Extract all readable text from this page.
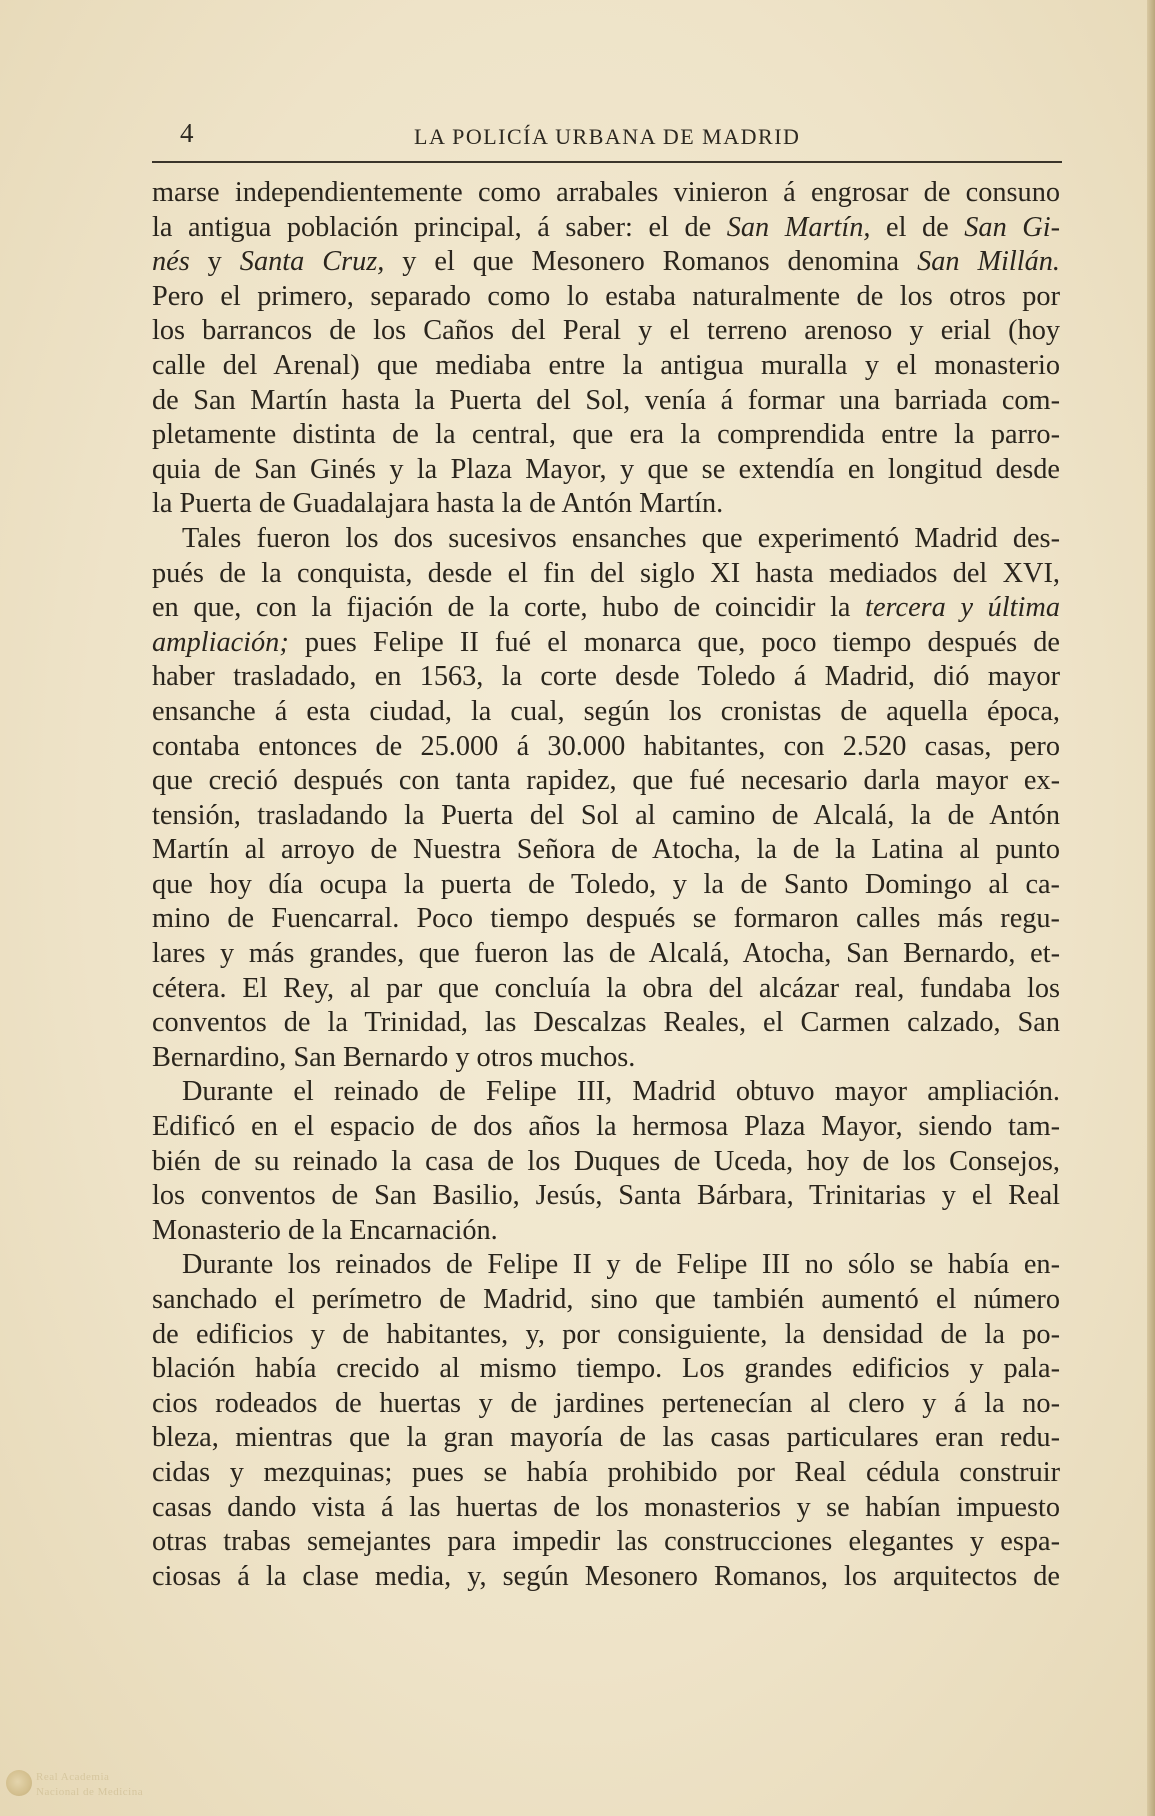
4	LA POLICÍA URBANA DE MADRID
marse independientemente como arrabales vinieron á engrosar de consuno
la antigua población principal, á saber: el de San Martín, el de San Gi-
nés y Santa Cruz, y el que Mesonero Romanos denomina San Millán.
Pero el primero, separado como lo estaba naturalmente de los otros por
los barrancos de los Caños del Peral y el terreno arenoso y erial (hoy
calle del Arenal) que mediaba entre la antigua muralla y el monasterio
de San Martín hasta la Puerta del Sol, venía á formar una barriada com-
pletamente distinta de la central, que era la comprendida entre la parro-
quia de San Ginés y la Plaza Mayor, y que se extendía en longitud desde
la Puerta de Guadalajara hasta la de Antón Martín.
Tales fueron los dos sucesivos ensanches que experimentó Madrid des-
pués de la conquista, desde el fin del siglo XI hasta mediados del XVI,
en que, con la fijación de la corte, hubo de coincidir la tercera y última
ampliación; pues Felipe II fué el monarca que, poco tiempo después de
haber trasladado, en 1563, la corte desde Toledo á Madrid, dió mayor
ensanche á esta ciudad, la cual, según los cronistas de aquella época,
contaba entonces de 25.000 á 30.000 habitantes, con 2.520 casas, pero
que creció después con tanta rapidez, que fué necesario darla mayor ex-
tensión, trasladando la Puerta del Sol al camino de Alcalá, la de Antón
Martín al arroyo de Nuestra Señora de Atocha, la de la Latina al punto
que hoy día ocupa la puerta de Toledo, y la de Santo Domingo al ca-
mino de Fuencarral. Poco tiempo después se formaron calles más regu-
lares y más grandes, que fueron las de Alcalá, Atocha, San Bernardo, et-
cétera. El Rey, al par que concluía la obra del alcázar real, fundaba los
conventos de la Trinidad, las Descalzas Reales, el Carmen calzado, San
Bernardino, San Bernardo y otros muchos.
Durante el reinado de Felipe III, Madrid obtuvo mayor ampliación.
Edificó en el espacio de dos años la hermosa Plaza Mayor, siendo tam-
bién de su reinado la casa de los Duques de Uceda, hoy de los Consejos,
los conventos de San Basilio, Jesús, Santa Bárbara, Trinitarias y el Real
Monasterio de la Encarnación.
Durante los reinados de Felipe II y de Felipe III no sólo se había en-
sanchado el perímetro de Madrid, sino que también aumentó el número
de edificios y de habitantes, y, por consiguiente, la densidad de la po-
blación había crecido al mismo tiempo. Los grandes edificios y pala-
cios rodeados de huertas y de jardines pertenecían al clero y á la no-
bleza, mientras que la gran mayoría de las casas particulares eran redu-
cidas y mezquinas; pues se había prohibido por Real cédula construir
casas dando vista á las huertas de los monasterios y se habían impuesto
otras trabas semejantes para impedir las construcciones elegantes y espa-
ciosas á la clase media, y, según Mesonero Romanos, los arquitectos de
Real Academia
Nacional de Medicina
